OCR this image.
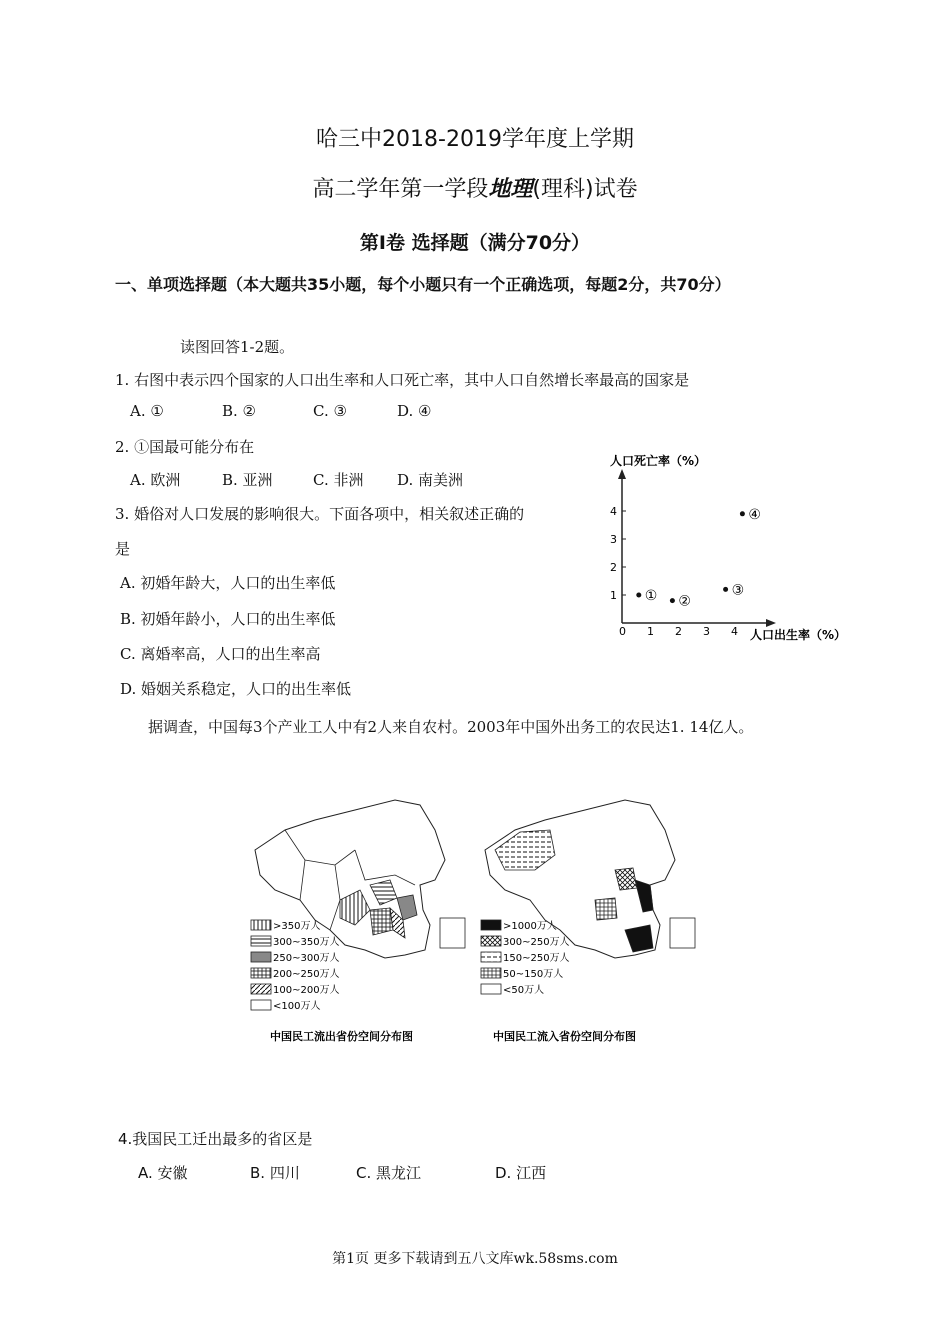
哈三中2018-2019学年度上学期
高二学年第一学段地理(理科)试卷
第Ⅰ卷 选择题（满分70分）
一、单项选择题（本大题共35小题，每个小题只有一个正确选项，每题2分，共70分）
读图回答1-2题。
1. 右图中表示四个国家的人口出生率和人口死亡率，其中人口自然增长率最高的国家是
A. ①	B. ②	C. ③	D. ④
2. ①国最可能分布在
A. 欧洲	B. 亚洲	C. 非洲 D. 南美洲
3. 婚俗对人口发展的影响很大。下面各项中，相关叙述正确的
是
A. 初婚年龄大，人口的出生率低
B. 初婚年龄小，人口的出生率低
C. 离婚率高，人口的出生率高
D. 婚姻关系稳定，人口的出生率低
人口死亡率（%）
人口出生率（%）
0 1 2 3 4
1
2
3
4
① ②
③
④
据调查，中国每3个产业工人中有2人来自农村。2003年中国外出务工的农民达1. 14亿人。
>350万人
300~350万人
250~300万人
200~250万人
100~200万人
<100万人
中国民工流出省份空间分布图
>1000万人
300~250万人
150~250万人
50~150万人
<50万人
中国民工流入省份空间分布图
4.我国民工迁出最多的省区是
A. 安徽	B. 四川	C. 黑龙江	D. 江西
第1页 更多下载请到五八文库wk.58sms.com
